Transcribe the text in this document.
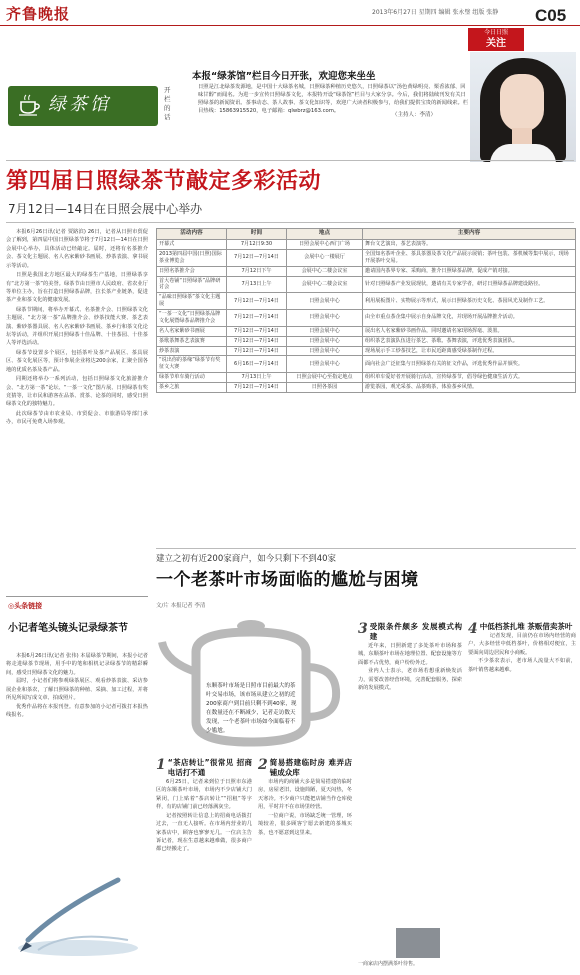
齐鲁晚报	2013年6月27日 星期四 编辑 张永璧 组版 张静 C05
今日日照
关注
绿茶馆
开栏的话
本报“绿茶馆”栏目今日开张，欢迎您来坐坐
日照是江北绿茶发源地，是中国十大绿茶名城，日照绿茶种植历史悠久，日照绿茶以“汤色黄绿明亮、栗香浓郁、回味甘醇”而闻名。为进一步宣传日照绿茶文化，本报特开设“绿茶馆”栏目与大家分享。今后，我们将陆续刊发有关日照绿茶的新闻资讯、茶事动态、茶人故事、茶文化知识等，欢迎广大读者积极参与，给我们提供宝贵的新闻线索。栏目热线：15863915520，电子邮箱：qlwbrz@163.com。
（主持人：李清）
第四届日照绿茶节敲定多彩活动
7月12日—14日在日照会展中心举办

本报6月26日讯(记者 贾路滨) 26日，记者从日照市贸促会了解到，第四届中国日照绿茶节将于7月12日—14日在日照会展中心举办，具体活动已经敲定。届时，还将有名茶推介会、茶文化主题展、名人名家紫砂书画展、炒茶表演、拿书展示等活动。

日照是我国北方地区最大的绿茶生产基地，日照绿茶享有“北方第一茶”的美誉。绿茶节由日照市人民政府、省农业厅等单位主办，旨在打造日照绿茶品牌，拉长茶产业链条，促进茶产业和茶文化的健康发展。

绿茶节期间，将举办开幕式、名茶推介会、日照绿茶文化主题展、“北方第一茶”品牌推介会、炒茶技能大赛、茶艺表演、紫砂茶器具展、名人名家紫砂书画展、茶乡行和茶文化论坛等活动，并组织开展日照绿茶十佳品牌、十佳茶园、十佳茶人等评选活动。

绿茶节设置多个展区，包括茶叶及茶产品展区、茶具展区、茶文化展区等，预计参展企业将达200余家，汇聚全国各地的优质名茶及茶产品。

同期还将举办一系列活动，包括日照绿茶文化旅游推介会、“北方第一茶”论坛、“一茶一文化”图片展、日照绿茶有奖竞猜等，让市民和游客在品茶、赏茶、论茶的同时，感受日照绿茶文化的独特魅力。

此次绿茶节由市农业局、市贸促会、市旅游局等部门承办，市民可免费入场参观。

活动内容	时间	地点	主要内容
开幕式	7月12日9:30	日照会展中心西门广场	舞台文艺演出，茶艺表演等。
2013第四届中国(日照)国际茶业博览会	7月12日—7月14日	会展中心一楼展厅	全国知名茶叶企业、茶具茶器及茶文化产品展示展销；茶叶包装、茶机械等集中展示，现场开展茶叶交易。
日照名茶推介会	7月12日下午	会展中心二楼会议室	邀请国内茶界专家、采购商，推介日照绿茶品牌，促成产销对接。
首大卷铺“日照绿茶”品牌研讨会	7月13日上午	会展中心二楼会议室	针对日照绿茶产业发展现状，邀请有关专家学者，研讨日照绿茶品牌建设路径。
“品味日照绿茶”茶文化主题展	7月12日—7月14日	日照会展中心	利用展板图片、实物展示等形式，展示日照绿茶历史文化、茶园风光及制作工艺。
“一茶一文化”日照绿茶品牌文化展暨绿茶品牌推介会	7月12日—7月14日	日照会展中心	由全市重点茶企集中展示自身品牌文化，并现场开展品牌推介活动。
名人名家紫砂书画展	7月12日—7月14日	日照会展中心	展出名人名家紫砂书画作品，同时邀请名家现场挥毫、泼墨。
茶歌茶舞茶艺表演赛	7月12日—7月14日	日照会展中心	组织茶艺表演队伍进行茶艺、茶歌、茶舞表演，评选优秀表演团队。
炒茶表演	7月12日—7月14日	日照会展中心	现场展示手工炒茶技艺，让市民近距离感受绿茶制作过程。
“说出你的茶缘”绿茶节有奖征文大赛	6月16日—7月14日	日照会展中心	面向社会广泛征集与日照绿茶有关的征文作品，评选优秀作品并颁奖。
绿茶节单车骑行活动	7月13日上午	日照会展中心至指定地点	组织单车爱好者开展骑行活动，宣传绿茶节，倡导绿色健康生活方式。
茶乡之旅	7月12日—7月14日	日照各茶园	游览茶园，观光采茶、品茶购茶，体验茶乡风情。
◎头条链接
小记者笔头镜头记录绿茶节

本报6月26日讯(记者 张伟) 本届绿茶节期间，本报小记者将走进绿茶节现场，用手中的笔和相机记录绿茶节的精彩瞬间，感受日照绿茶文化的魅力。

届时，小记者们将参观绿茶展区、观看炒茶表演、采访参展企业和茶农，了解日照绿茶的种植、采摘、加工过程，并将所见所闻写成文章、拍成照片。

优秀作品将在本报刊登。有意参加的小记者可拨打本报热线报名。

建立之初有近200家商户，如今只剩下不到40家
一个老茶叶市场面临的尴尬与困境
文/片 本报记者 李清
东顺茶叶市场是日照市目前最大的茶叶交易市场，该市场从建立之初的近200家商户到目前只剩不到40家，现在数量还在不断减少，记者走访数天发现，一个老茶叶市场如今面临着不少尴尬。
3 受限条件颇多 发展模式构建

近年来，日照新建了多处茶叶市场和茶城，东顺茶叶市场在地理位置、配套设施等方面都不占优势，商户纷纷外迁。

业内人士表示，老市场若想重新焕发活力，需要改善经营环境，完善配套服务，探索新的发展模式。

4 中低档茶扎堆 茶贩借卖茶叶

记者发现，目前仍在市场内经营的商户，大多经营中低档茶叶，价格相对便宜，主要面向周边居民和小商贩。

不少茶农表示，老市场人流量大不如前，茶叶销售越来越难。

1 “茶店转让”很常见 招商电话打不通

6月25日，记者来到位于日照市东港区的东顺茶叶市场，市场内不少店铺大门紧闭，门上贴着“茶店转让”“招租”等字样，有的店铺门前已经落满灰尘。

记者按照转让信息上的招商电话拨打过去，一直无人接听。在市场内营业的几家茶店中，顾客也寥寥无几。一位店主告诉记者，现在生意越来越难做，很多商户都已经搬走了。

2 简易搭建临时房 难弄店铺成众库

市场内的商铺大多是简易搭建的临时房，房屋老旧，设施简陋，夏天闷热，冬天寒冷。不少商户只能把店铺当作仓库使用，平时并不在市场里经营。

一位商户说，市场缺乏统一管理，环境较差，很多顾客宁愿去新建的茶城买茶，也不愿意到这里来。

一商家店内摆满茶叶待售。
